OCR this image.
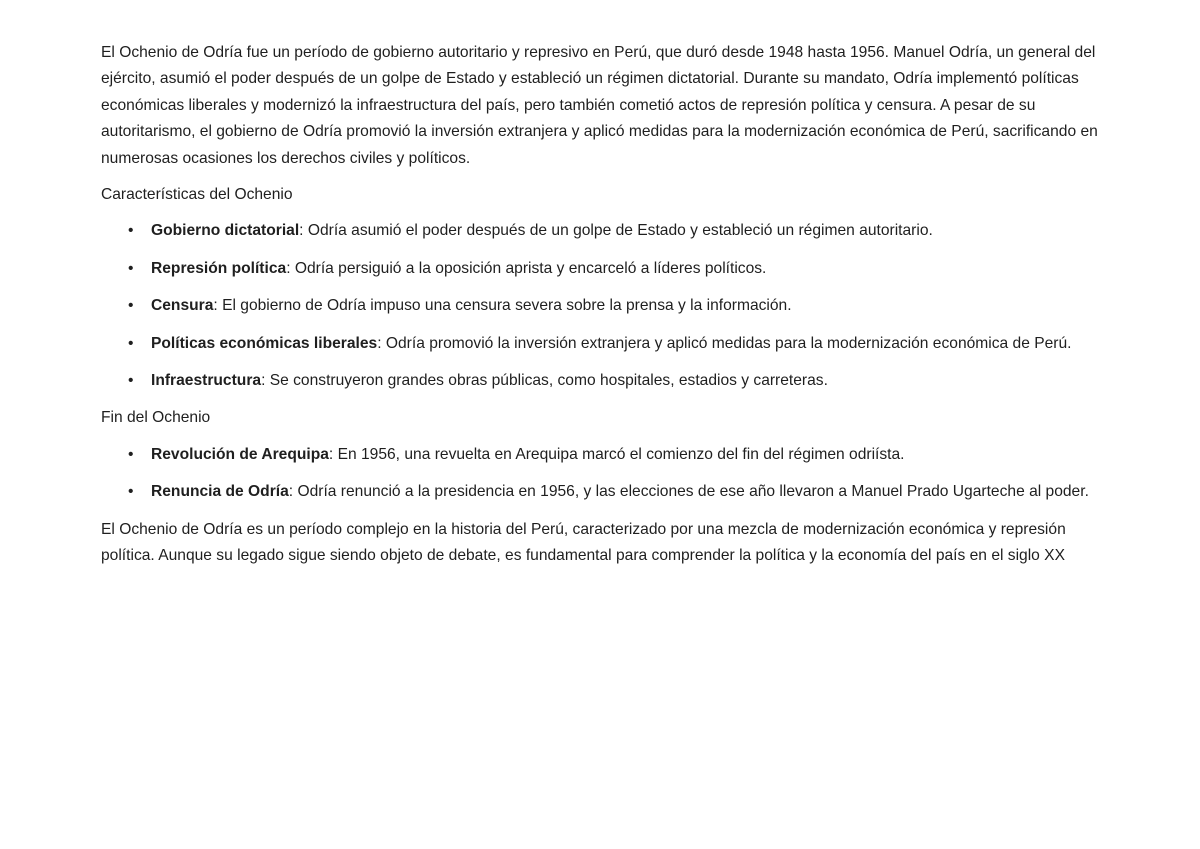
El Ochenio de Odría fue un período de gobierno autoritario y represivo en Perú, que duró desde 1948 hasta 1956. Manuel Odría, un general del ejército, asumió el poder después de un golpe de Estado y estableció un régimen dictatorial. Durante su mandato, Odría implementó políticas económicas liberales y modernizó la infraestructura del país, pero también cometió actos de represión política y censura. A pesar de su autoritarismo, el gobierno de Odría promovió la inversión extranjera y aplicó medidas para la modernización económica de Perú, sacrificando en numerosas ocasiones los derechos civiles y políticos.

Características del Ochenio

• Gobierno dictatorial: Odría asumió el poder después de un golpe de Estado y estableció un régimen autoritario.
• Represión política: Odría persiguió a la oposición aprista y encarceló a líderes políticos.
• Censura: El gobierno de Odría impuso una censura severa sobre la prensa y la información.
• Políticas económicas liberales: Odría promovió la inversión extranjera y aplicó medidas para la modernización económica de Perú.
• Infraestructura: Se construyeron grandes obras públicas, como hospitales, estadios y carreteras.

Fin del Ochenio

• Revolución de Arequipa: En 1956, una revuelta en Arequipa marcó el comienzo del fin del régimen odriísta.
• Renuncia de Odría: Odría renunció a la presidencia en 1956, y las elecciones de ese año llevaron a Manuel Prado Ugarteche al poder.

El Ochenio de Odría es un período complejo en la historia del Perú, caracterizado por una mezcla de modernización económica y represión política. Aunque su legado sigue siendo objeto de debate, es fundamental para comprender la política y la economía del país en el siglo XX
